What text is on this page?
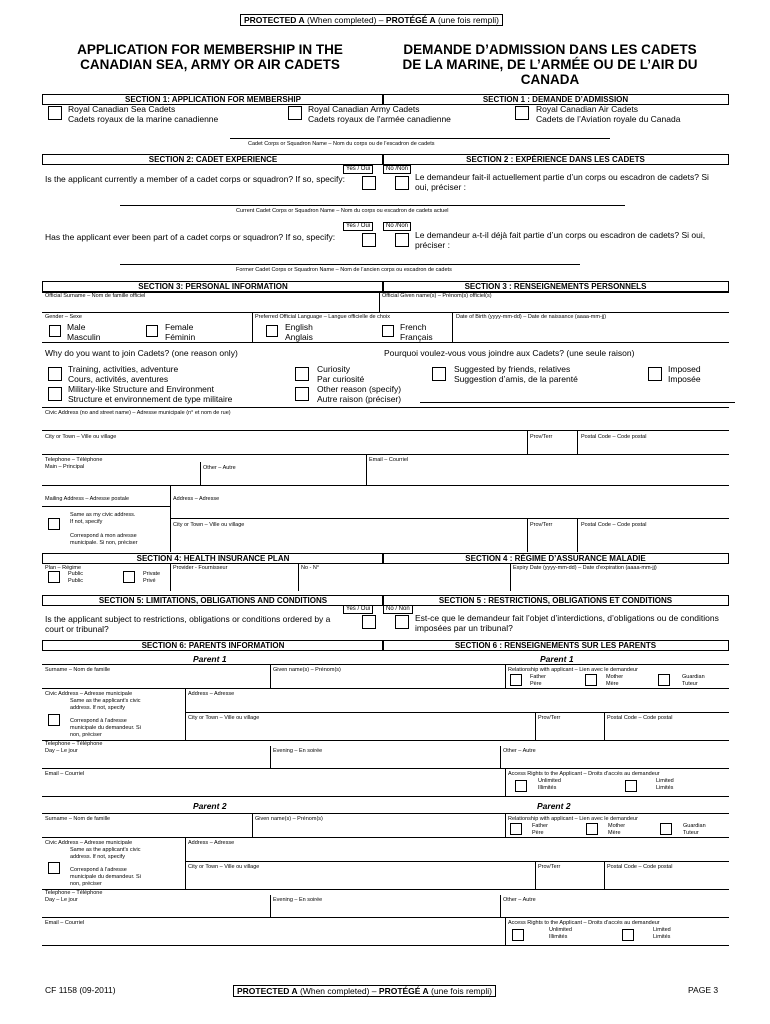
PROTECTED A (When completed) – PROTÉGÉ A (une fois rempli)
APPLICATION FOR MEMBERSHIP IN THE CANADIAN SEA, ARMY OR AIR CADETS
DEMANDE D’ADMISSION DANS LES CADETS DE LA MARINE, DE L’ARMÉE OU DE L’AIR DU CANADA
SECTION 1: APPLICATION FOR MEMBERSHIP	SECTION 1 : DEMANDE D’ADMISSION
Royal Canadian Sea Cadets
Cadets royaux de la marine canadienne
Royal Canadian Army Cadets
Cadets royaux de l'armée canadienne
Royal Canadian Air Cadets
Cadets de l’Aviation royale du Canada
Cadet Corps or Squadron Name – Nom du corps ou de l’escadron de cadets
SECTION 2: CADET EXPERIENCE	SECTION 2 : EXPÉRIENCE DANS LES CADETS
Yes / Oui	No /Non
Is the applicant currently a member of a cadet corps or squadron? If so, specify:	Le demandeur fait-il actuellement partie d’un corps ou escadron de cadets? Si oui, préciser :
Current Cadet Corps or Squadron Name – Nom du corps ou escadron de cadets actuel
Yes / Oui	No /Non
Has the applicant ever been part of a cadet corps or squadron? If so, specify:	Le demandeur a-t-il déjà fait partie d’un corps ou escadron de cadets? Si oui, préciser :
Former Cadet Corps or Squadron Name – Nom de l’ancien corps ou escadron de cadets
SECTION 3: PERSONAL INFORMATION	SECTION 3 : RENSEIGNEMENTS PERSONNELS
Official Surname – Nom de famille officiel	Official Given name(s) – Prénom(s) officiel(s)
Gender – Sexe
Male
Masculin
Female
Féminin
Preferred Official Language – Langue officielle de choix
English
Anglais
French
Français
Date of Birth (yyyy-mm-dd) – Date de naissance (aaaa-mm-jj)
Why do you want to join Cadets? (one reason only)	Pourquoi voulez-vous vous joindre aux Cadets? (une seule raison)
Training, activities, adventure
Cours, activités, aventures
Military-like Structure and Environment
Structure et environnement de type militaire
Curiosity
Par curiosité
Other reason (specify)
Autre raison (préciser)
Suggested by friends, relatives
Suggestion d’amis, de la parenté
Imposed
Imposée
Civic Address (no and street name) – Adresse municipale (n° et nom de rue)
City or Town – Ville ou village	Prov/Terr	Postal Code – Code postal
Telephone – Téléphone
Main – Principal	Other – Autre
Email – Courriel
Mailing Address – Adresse postale	Address – Adresse
Same as my civic address.
If not, specify
Correspond à mon adresse
municipale. Si non, préciser
City or Town – Ville ou village	Prov/Terr	Postal Code – Code postal
SECTION 4: HEALTH INSURANCE PLAN	SECTION 4 : RÉGIME D’ASSURANCE MALADIE
Plan – Régime
Public
Public
Private
Privé
Provider - Fournisseur	No - N°	Expiry Date (yyyy-mm-dd) – Date d’expiration (aaaa-mm-jj)
SECTION 5: LIMITATIONS, OBLIGATIONS AND CONDITIONS	SECTION 5 : RESTRICTIONS, OBLIGATIONS ET CONDITIONS
Yes / Oui	No / Non
Is the applicant subject to restrictions, obligations or conditions ordered by a court or tribunal?
Est-ce que le demandeur fait l’objet d’interdictions, d’obligations ou de conditions imposées par un tribunal?
SECTION 6: PARENTS INFORMATION	SECTION 6 : RENSEIGNEMENTS SUR LES PARENTS
Parent 1	Parent 1
Surname – Nom de famille	Given name(s) – Prénom(s)	Relationship with applicant – Lien avec le demandeur
Father
Père
Mother
Mère
Guardian
Tuteur
Civic Address – Adresse municipale
Same as the applicant’s civic
address. If not, specify
Correspond à l’adresse
municipale du demandeur. Si
non, préciser
Address – Adresse
City or Town – Ville ou village	Prov/Terr	Postal Code – Code postal
Telephone – Téléphone
Day – Le jour	Evening – En soirée	Other – Autre
Email – Courriel	Access Rights to the Applicant – Droits d’accès au demandeur
Unlimited
Illimités
Limited
Limités
Parent 2	Parent 2
Surname – Nom de famille	Given name(s) – Prénom(s)	Relationship with applicant – Lien avec le demandeur
Father
Père
Mother
Mère
Guardian
Tuteur
Civic Address – Adresse municipale
Same as the applicant’s civic
address. If not, specify
Correspond à l’adresse
municipale du demandeur. Si
non, préciser
Address – Adresse
City or Town – Ville ou village	Prov/Terr	Postal Code – Code postal
Telephone – Téléphone
Day – Le jour	Evening – En soirée	Other – Autre
Email – Courriel	Access Rights to the Applicant – Droits d’accès au demandeur
Unlimited
Illimités
Limited
Limités
CF 1158 (09-2011)	PROTECTED A (When completed) – PROTÉGÉ A (une fois rempli)	PAGE 3
